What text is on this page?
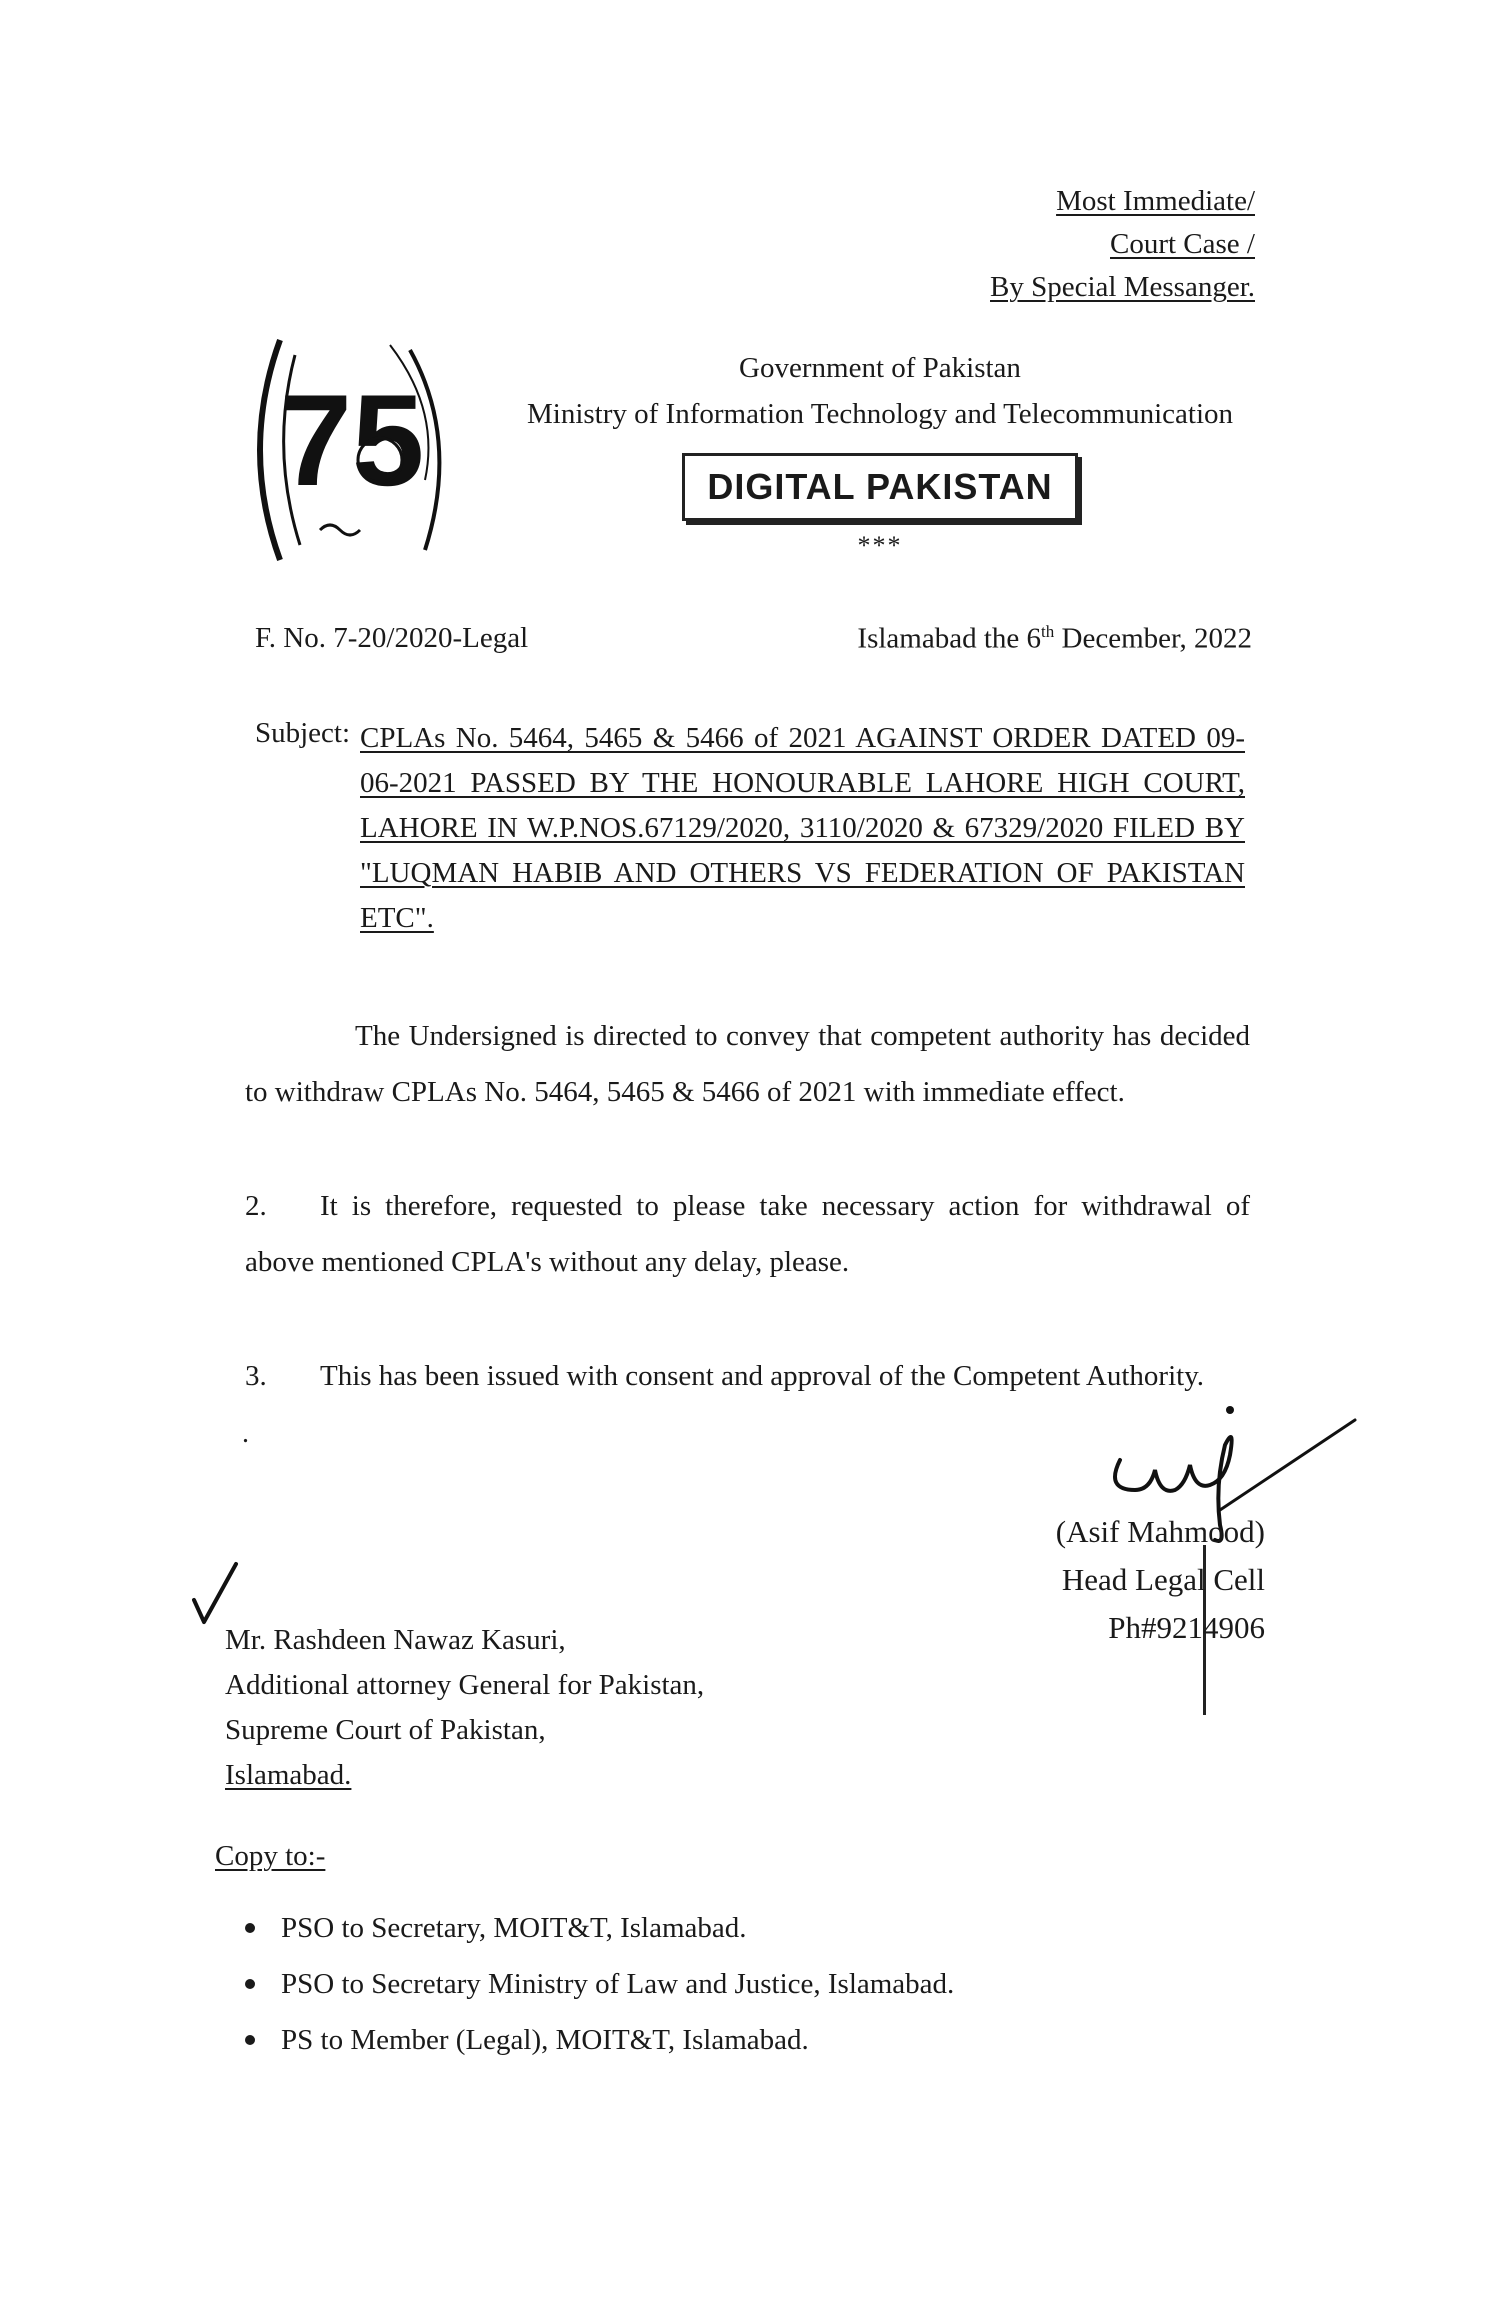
Most Immediate/
Court Case /
By Special Messanger.
75	Government of Pakistan
Ministry of Information Technology and Telecommunication
DIGITAL PAKISTAN
***
F. No. 7-20/2020-Legal	Islamabad the 6th December, 2022
Subject: CPLAs No. 5464, 5465 & 5466 of 2021 AGAINST ORDER DATED 09-06-2021 PASSED BY THE HONOURABLE LAHORE HIGH COURT, LAHORE IN W.P.NOS.67129/2020, 3110/2020 & 67329/2020 FILED BY "LUQMAN HABIB AND OTHERS VS FEDERATION OF PAKISTAN ETC".
The Undersigned is directed to convey that competent authority has decided to withdraw CPLAs No. 5464, 5465 & 5466 of 2021 with immediate effect.
2. It is therefore, requested to please take necessary action for withdrawal of above mentioned CPLA's without any delay, please.
3. This has been issued with consent and approval of the Competent Authority.
.
(Asif Mahmood)
Head Legal Cell
Ph#9214906
Mr. Rashdeen Nawaz Kasuri,
Additional attorney General for Pakistan,
Supreme Court of Pakistan,
Islamabad.
Copy to:-
PSO to Secretary, MOIT&T, Islamabad.
PSO to Secretary Ministry of Law and Justice, Islamabad.
PS to Member (Legal), MOIT&T, Islamabad.
